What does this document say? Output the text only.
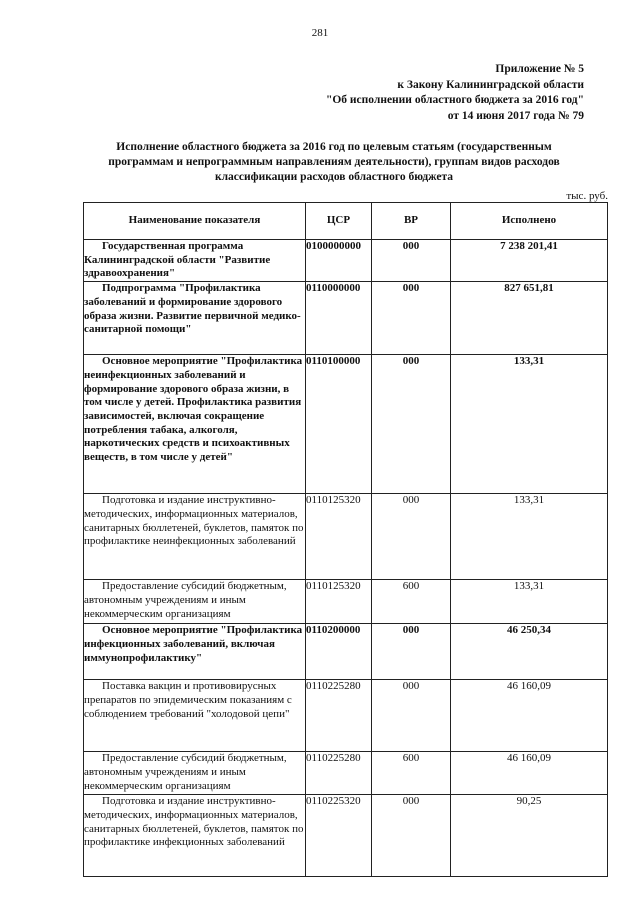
281
Приложение № 5
к Закону Калининградской области
"Об исполнении областного бюджета за 2016 год"
от 14 июня 2017 года № 79
Исполнение областного бюджета за 2016 год по целевым статьям (государственным
программам и непрограммным направлениям деятельности), группам видов расходов
классификации расходов областного бюджета
тыс. руб.
Наименование показателя	ЦСР	ВР	Исполнено
Государственная программа Калининградской области "Развитие здравоохранения"	0100000000	000	7 238 201,41
Подпрограмма "Профилактика заболеваний и формирование здорового образа жизни. Развитие первичной медико-санитарной помощи"	0110000000	000	827 651,81
Основное мероприятие "Профилактика неинфекционных заболеваний и формирование здорового образа жизни, в том числе у детей. Профилактика развития зависимостей, включая сокращение потребления табака, алкоголя, наркотических средств и психоактивных веществ, в том числе у детей"	0110100000	000	133,31
Подготовка и издание инструктивно-методических, информационных материалов, санитарных бюллетеней, буклетов, памяток по профилактике неинфекционных заболеваний	0110125320	000	133,31
Предоставление субсидий бюджетным, автономным учреждениям и иным некоммерческим организациям	0110125320	600	133,31
Основное мероприятие "Профилактика инфекционных заболеваний, включая иммунопрофилактику"	0110200000	000	46 250,34
Поставка вакцин и противовирусных препаратов по эпидемическим показаниям с соблюдением требований "холодовой цепи"	0110225280	000	46 160,09
Предоставление субсидий бюджетным, автономным учреждениям и иным некоммерческим организациям	0110225280	600	46 160,09
Подготовка и издание инструктивно-методических, информационных материалов, санитарных бюллетеней, буклетов, памяток по профилактике инфекционных заболеваний	0110225320	000	90,25
